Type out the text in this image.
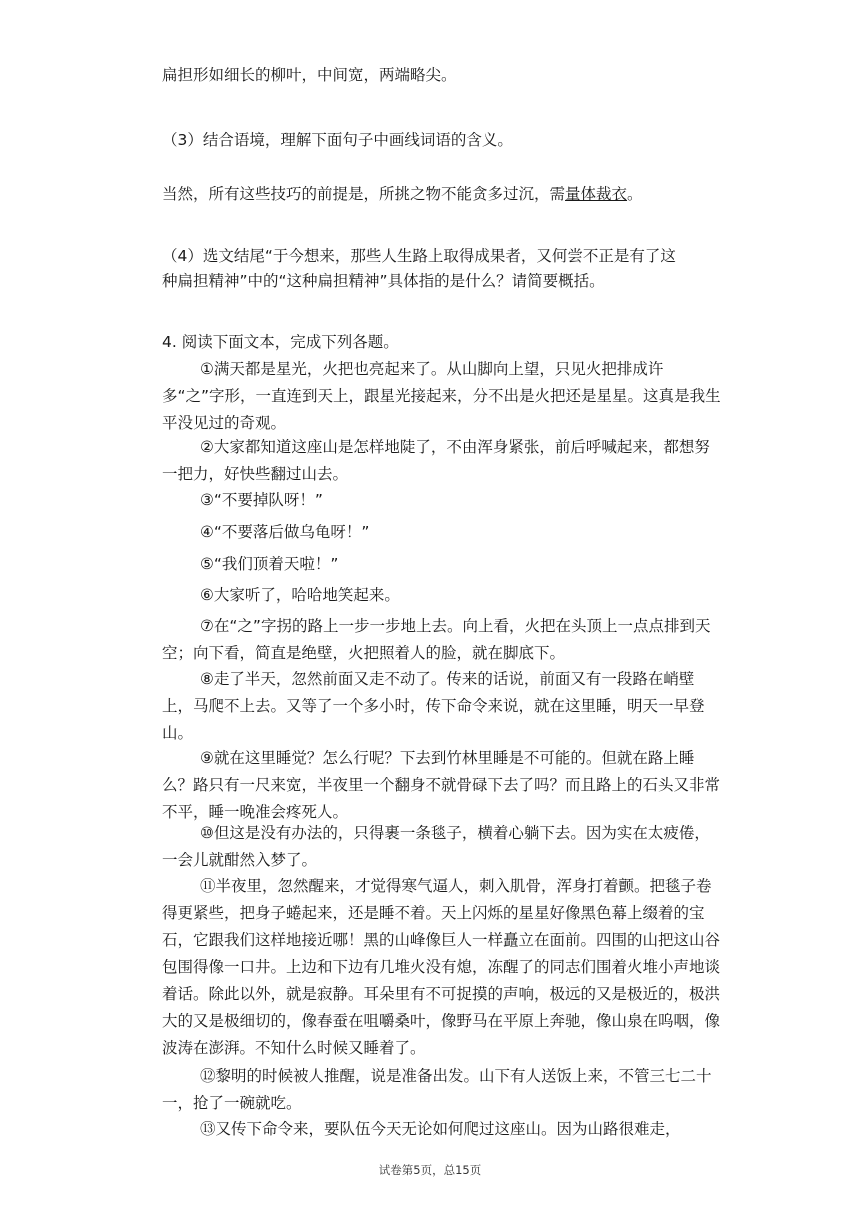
扁担形如细长的柳叶，中间宽，两端略尖。
（3）结合语境，理解下面句子中画线词语的含义。
当然，所有这些技巧的前提是，所挑之物不能贪多过沉，需量体裁衣。
（4）选文结尾“于今想来，那些人生路上取得成果者，又何尝不正是有了这
种扁担精神”中的“这种扁担精神”具体指的是什么？请简要概括。
4. 阅读下面文本，完成下列各题。
①满天都是星光，火把也亮起来了。从山脚向上望，只见火把排成许多“之”字形，一直连到天上，跟星光接起来，分不出是火把还是星星。这真是我生平没见过的奇观。
②大家都知道这座山是怎样地陡了，不由浑身紧张，前后呼喊起来，都想努一把力，好快些翻过山去。
③“不要掉队呀！”
④“不要落后做乌龟呀！”
⑤“我们顶着天啦！”
⑥大家听了，哈哈地笑起来。
⑦在“之”字拐的路上一步一步地上去。向上看，火把在头顶上一点点排到天空；向下看，简直是绝壁，火把照着人的脸，就在脚底下。
⑧走了半天，忽然前面又走不动了。传来的话说，前面又有一段路在峭壁上，马爬不上去。又等了一个多小时，传下命令来说，就在这里睡，明天一早登山。
⑨就在这里睡觉？怎么行呢？下去到竹林里睡是不可能的。但就在路上睡么？路只有一尺来宽，半夜里一个翻身不就骨碌下去了吗？而且路上的石头又非常不平，睡一晚准会疼死人。
⑩但这是没有办法的，只得裹一条毯子，横着心躺下去。因为实在太疲倦，一会儿就酣然入梦了。
⑪半夜里，忽然醒来，才觉得寒气逼人，刺入肌骨，浑身打着颤。把毯子卷得更紧些，把身子蜷起来，还是睡不着。天上闪烁的星星好像黑色幕上缀着的宝石，它跟我们这样地接近哪！黑的山峰像巨人一样矗立在面前。四围的山把这山谷包围得像一口井。上边和下边有几堆火没有熄，冻醒了的同志们围着火堆小声地谈着话。除此以外，就是寂静。耳朵里有不可捉摸的声响，极远的又是极近的，极洪大的又是极细切的，像春蚕在咀嚼桑叶，像野马在平原上奔驰，像山泉在呜咽，像波涛在澎湃。不知什么时候又睡着了。
⑫黎明的时候被人推醒，说是准备出发。山下有人送饭上来，不管三七二十一，抢了一碗就吃。
⑬又传下命令来，要队伍今天无论如何爬过这座山。因为山路很难走，
试卷第5页，总15页
